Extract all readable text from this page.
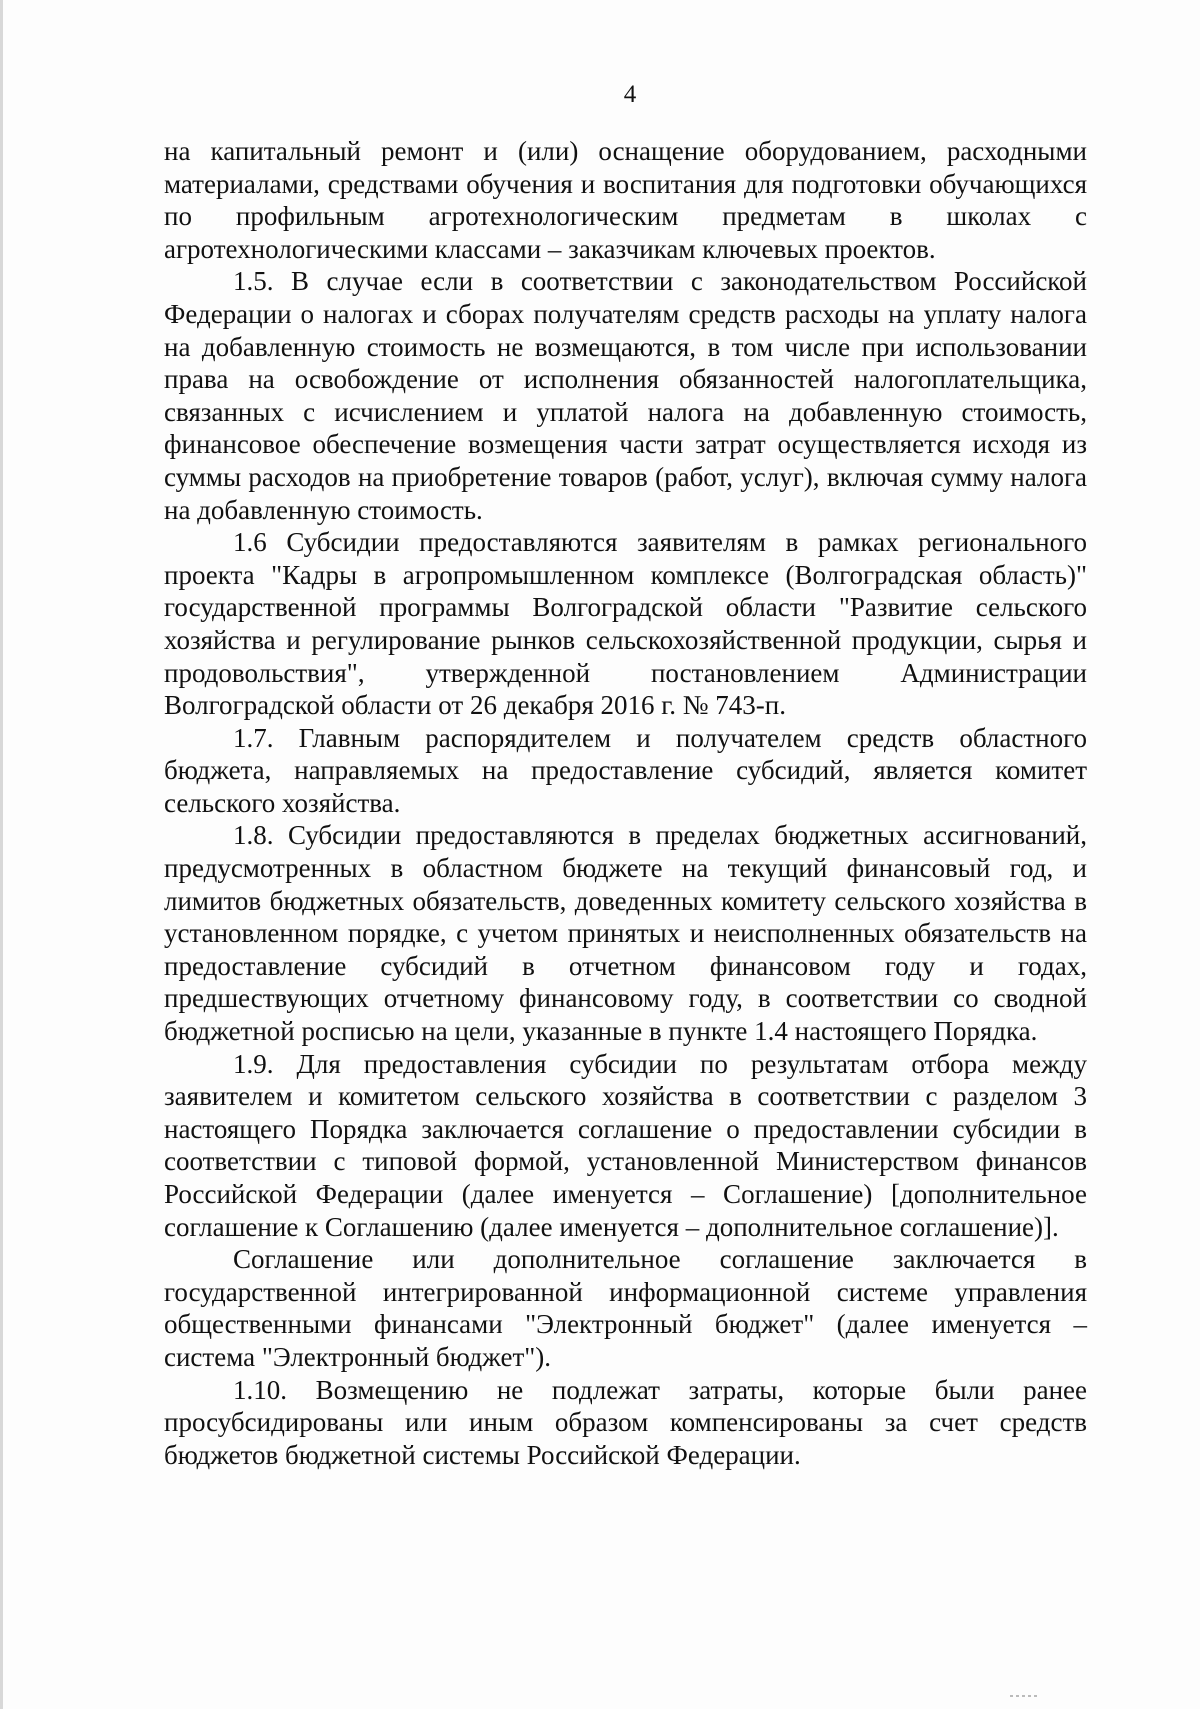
4

на капитальный ремонт и (или) оснащение оборудованием, расходными материалами, средствами обучения и воспитания для подготовки обучающихся по профильным агротехнологическим предметам в школах с агротехнологическими классами – заказчикам ключевых проектов.

1.5. В случае если в соответствии с законодательством Российской Федерации о налогах и сборах получателям средств расходы на уплату налога на добавленную стоимость не возмещаются, в том числе при использовании права на освобождение от исполнения обязанностей налогоплательщика, связанных с исчислением и уплатой налога на добавленную стоимость, финансовое обеспечение возмещения части затрат осуществляется исходя из суммы расходов на приобретение товаров (работ, услуг), включая сумму налога на добавленную стоимость.

1.6 Субсидии предоставляются заявителям в рамках регионального проекта "Кадры в агропромышленном комплексе (Волгоградская область)" государственной программы Волгоградской области "Развитие сельского хозяйства и регулирование рынков сельскохозяйственной продукции, сырья и продовольствия", утвержденной постановлением Администрации Волгоградской области от 26 декабря 2016 г. № 743-п.

1.7. Главным распорядителем и получателем средств областного бюджета, направляемых на предоставление субсидий, является комитет сельского хозяйства.

1.8. Субсидии предоставляются в пределах бюджетных ассигнований, предусмотренных в областном бюджете на текущий финансовый год, и лимитов бюджетных обязательств, доведенных комитету сельского хозяйства в установленном порядке, с учетом принятых и неисполненных обязательств на предоставление субсидий в отчетном финансовом году и годах, предшествующих отчетному финансовому году, в соответствии со сводной бюджетной росписью на цели, указанные в пункте 1.4 настоящего Порядка.

1.9. Для предоставления субсидии по результатам отбора между заявителем и комитетом сельского хозяйства в соответствии с разделом 3 настоящего Порядка заключается соглашение о предоставлении субсидии в соответствии с типовой формой, установленной Министерством финансов Российской Федерации (далее именуется – Соглашение) [дополнительное соглашение к Соглашению (далее именуется – дополнительное соглашение)].

Соглашение или дополнительное соглашение заключается в государственной интегрированной информационной системе управления общественными финансами "Электронный бюджет" (далее именуется – система "Электронный бюджет").

1.10. Возмещению не подлежат затраты, которые были ранее просубсидированы или иным образом компенсированы за счет средств бюджетов бюджетной системы Российской Федерации.
